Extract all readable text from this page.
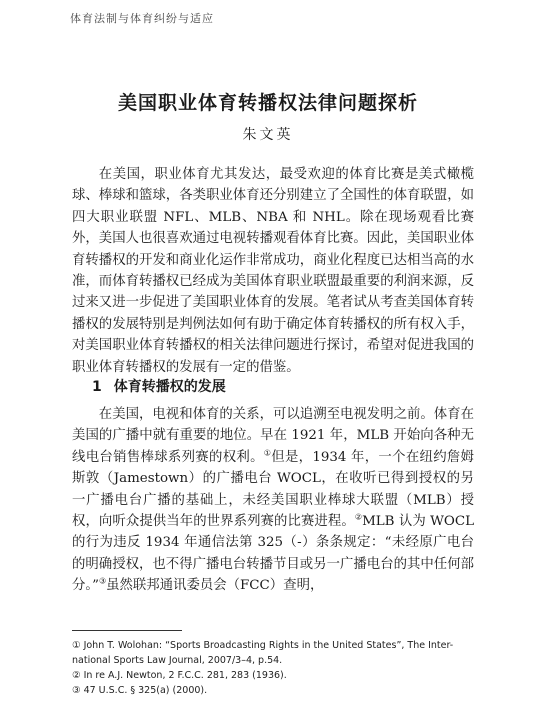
体育法制与体育纠纷与适应
美国职业体育转播权法律问题探析
朱文英

在美国，职业体育尤其发达，最受欢迎的体育比赛是美式橄榄球、棒球和篮球，各类职业体育还分别建立了全国性的体育联盟，如四大职业联盟 NFL、MLB、NBA 和 NHL。除在现场观看比赛外，美国人也很喜欢通过电视转播观看体育比赛。因此，美国职业体育转播权的开发和商业化运作非常成功，商业化程度已达相当高的水准，而体育转播权已经成为美国体育职业联盟最重要的利润来源，反过来又进一步促进了美国职业体育的发展。笔者试从考查美国体育转播权的发展特别是判例法如何有助于确定体育转播权的所有权入手，对美国职业体育转播权的相关法律问题进行探讨，希望对促进我国的职业体育转播权的发展有一定的借鉴。

1 体育转播权的发展

在美国，电视和体育的关系，可以追溯至电视发明之前。体育在美国的广播中就有重要的地位。早在 1921 年，MLB 开始向各种无线电台销售棒球系列赛的权利。①但是，1934 年，一个在纽约詹姆斯敦（Jamestown）的广播电台 WOCL，在收听已得到授权的另一广播电台广播的基础上，未经美国职业棒球大联盟（MLB）授权，向听众提供当年的世界系列赛的比赛进程。②MLB 认为 WOCL 的行为违反 1934 年通信法第 325（-）条条规定：“未经原广电台的明确授权，也不得广播电台转播节目或另一广播电台的其中任何部分。”③虽然联邦通讯委员会（FCC）查明，

① John T. Wolohan: “Sports Broadcasting Rights in the United States”, The Inter-
national Sports Law Journal, 2007/3–4, p.54.
② In re A.J. Newton, 2 F.C.C. 281, 283 (1936).
③ 47 U.S.C. § 325(a) (2000).
